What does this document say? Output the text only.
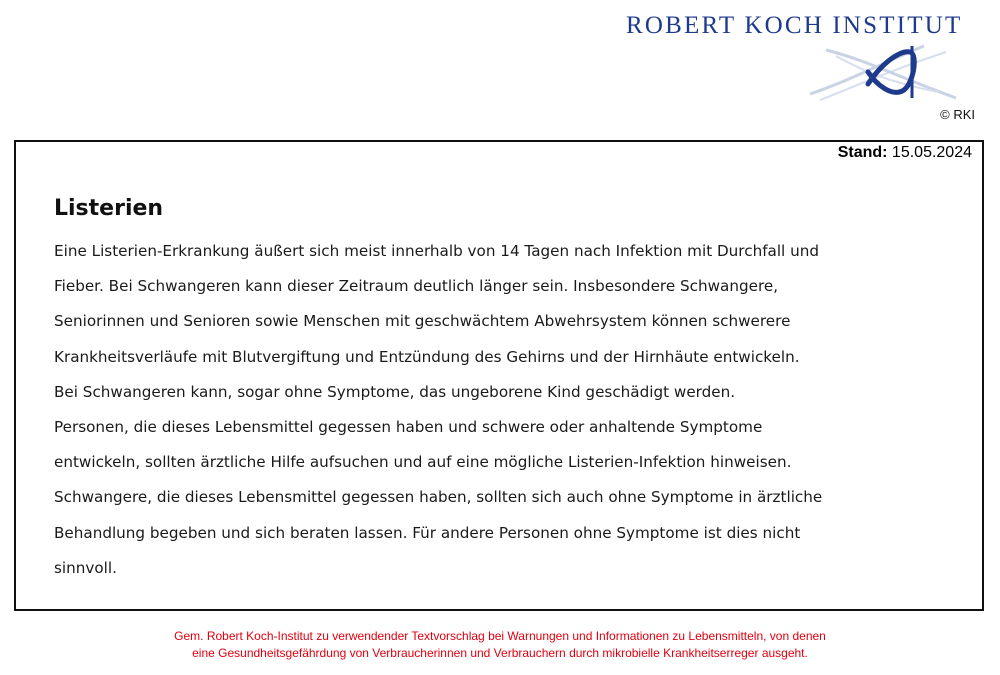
ROBERT KOCH INSTITUT
© RKI
Stand: 15.05.2024
Listerien
Eine Listerien-Erkrankung äußert sich meist innerhalb von 14 Tagen nach Infektion mit Durchfall und
Fieber. Bei Schwangeren kann dieser Zeitraum deutlich länger sein. Insbesondere Schwangere,
Seniorinnen und Senioren sowie Menschen mit geschwächtem Abwehrsystem können schwerere
Krankheitsverläufe mit Blutvergiftung und Entzündung des Gehirns und der Hirnhäute entwickeln.
Bei Schwangeren kann, sogar ohne Symptome, das ungeborene Kind geschädigt werden.
Personen, die dieses Lebensmittel gegessen haben und schwere oder anhaltende Symptome
entwickeln, sollten ärztliche Hilfe aufsuchen und auf eine mögliche Listerien-Infektion hinweisen.
Schwangere, die dieses Lebensmittel gegessen haben, sollten sich auch ohne Symptome in ärztliche
Behandlung begeben und sich beraten lassen. Für andere Personen ohne Symptome ist dies nicht
sinnvoll.
Gem. Robert Koch-Institut zu verwendender Textvorschlag bei Warnungen und Informationen zu Lebensmitteln, von denen
eine Gesundheitsgefährdung von Verbraucherinnen und Verbrauchern durch mikrobielle Krankheitserreger ausgeht.
